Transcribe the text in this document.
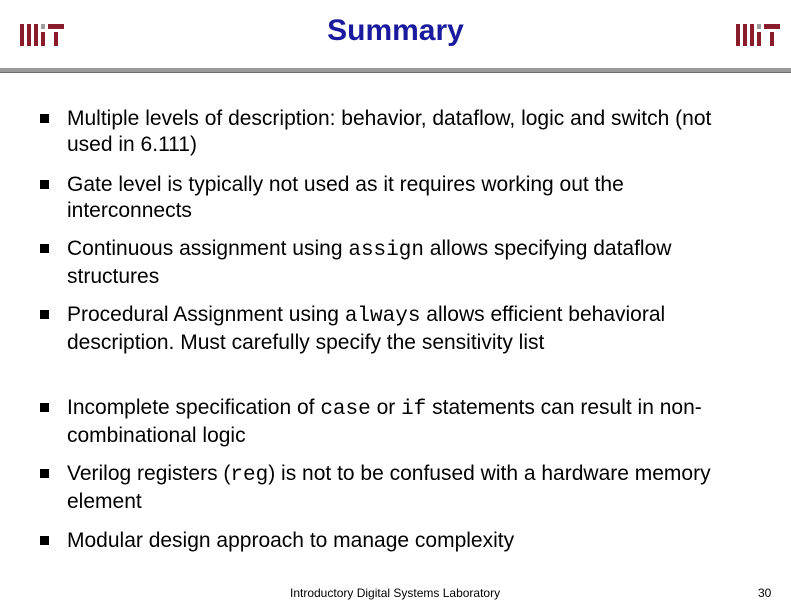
Summary
Multiple levels of description: behavior, dataflow, logic and switch (not used in 6.111)
Gate level is typically not used as it requires working out the interconnects
Continuous assignment using assign allows specifying dataflow structures
Procedural Assignment using always allows efficient behavioral description. Must carefully specify the sensitivity list
Incomplete specification of case or if statements can result in non-combinational logic
Verilog registers (reg) is not to be confused with a hardware memory element
Modular design approach to manage complexity
Introductory Digital Systems Laboratory	30
